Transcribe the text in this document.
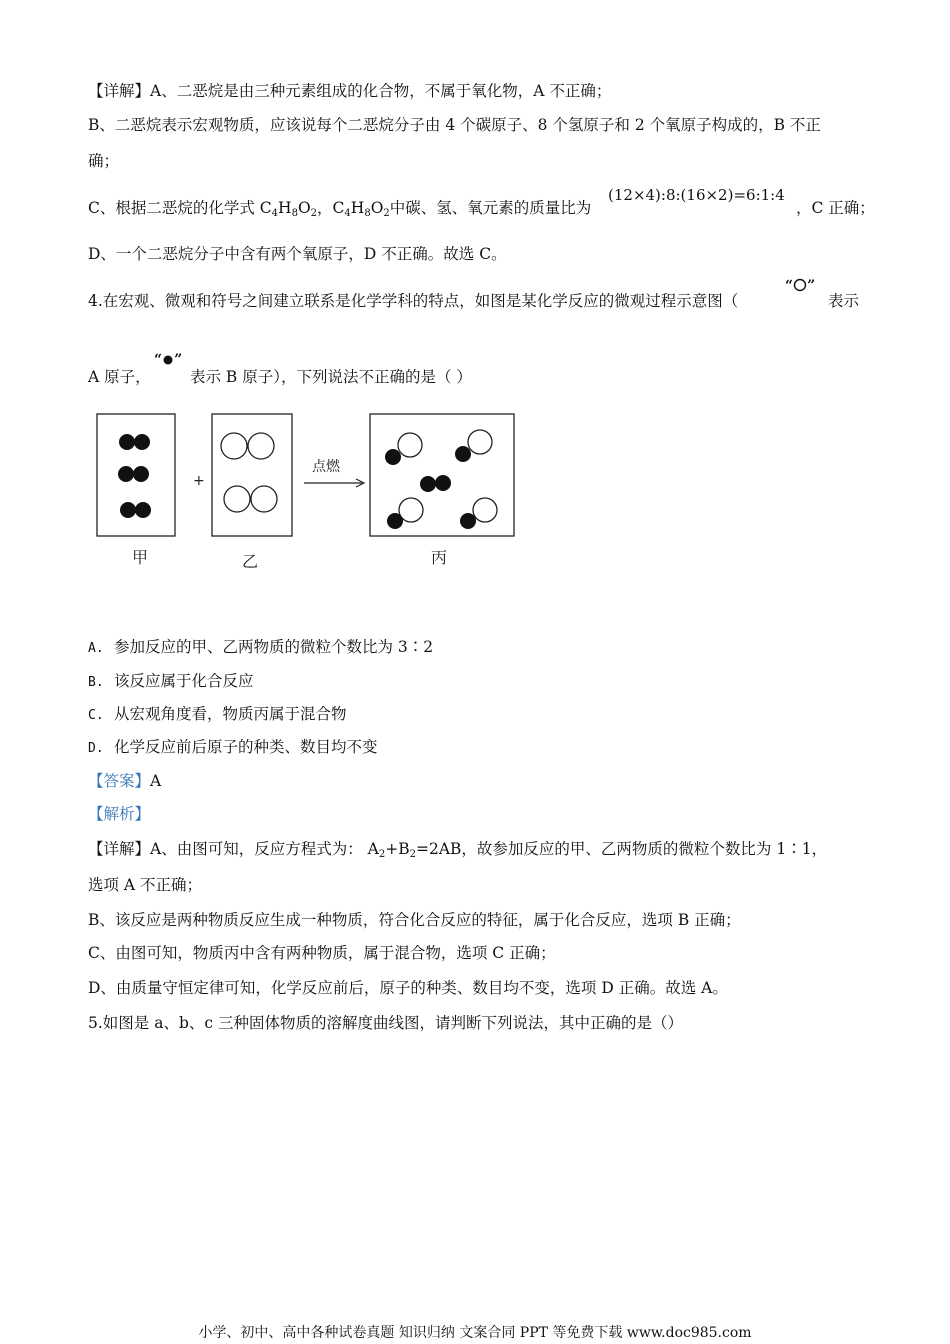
【详解】A、二恶烷是由三种元素组成的化合物，不属于氧化物，A 不正确；
B、二恶烷表示宏观物质，应该说每个二恶烷分子由 4 个碳原子、8 个氢原子和 2 个氧原子构成的，B 不正
确；
C、根据二恶烷的化学式 $C_4H_8O_2$，$C_4H_8O_2$中碳、氢、氧元素的质量比为
(12×4):8:(16×2)=6:1:4
，C 正确；
D、一个二恶烷分子中含有两个氧原子，D 不正确。故选 C。
4.在宏观、微观和符号之间建立联系是化学学科的特点，如图是某化学反应的微观过程示意图（
“ ”
表示
A 原子，
“ ”
表示 B 原子），下列说法不正确的是（ ）
+
点燃
甲	乙	丙
A. 参加反应的甲、乙两物质的微粒个数比为 3∶2
B. 该反应属于化合反应
C. 从宏观角度看，物质丙属于混合物
D. 化学反应前后原子的种类、数目均不变
【答案】A
【解析】
【详解】A、由图可知，反应方程式为： $A_2+B_2=2AB$，故参加反应的甲、乙两物质的微粒个数比为 1∶1，
选项 A 不正确；
B、该反应是两种物质反应生成一种物质，符合化合反应的特征，属于化合反应，选项 B 正确；
C、由图可知，物质丙中含有两种物质，属于混合物，选项 C 正确；
D、由质量守恒定律可知，化学反应前后，原子的种类、数目均不变，选项 D 正确。故选 A。
5.如图是 a、b、c 三种固体物质的溶解度曲线图，请判断下列说法，其中正确的是（）
小学、初中、高中各种试卷真题 知识归纳 文案合同 PPT 等免费下载 www.doc985.com
